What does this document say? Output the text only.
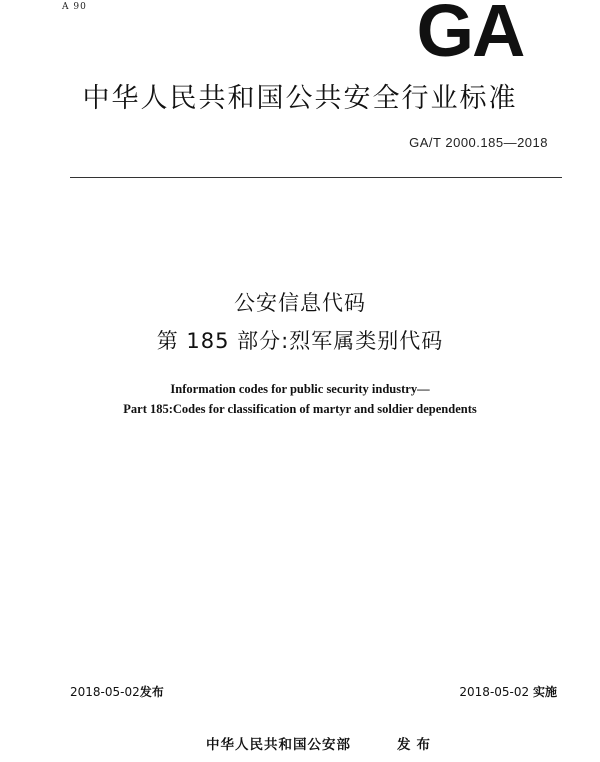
A 90	GA
中华人民共和国公共安全行业标准
GA/T 2000.185—2018
公安信息代码
第 185 部分:烈军属类别代码
Information codes for public security industry—
Part 185:Codes for classification of martyr and soldier dependents
2018-05-02发布	2018-05-02 实施
中华人民共和国公安部	发布
